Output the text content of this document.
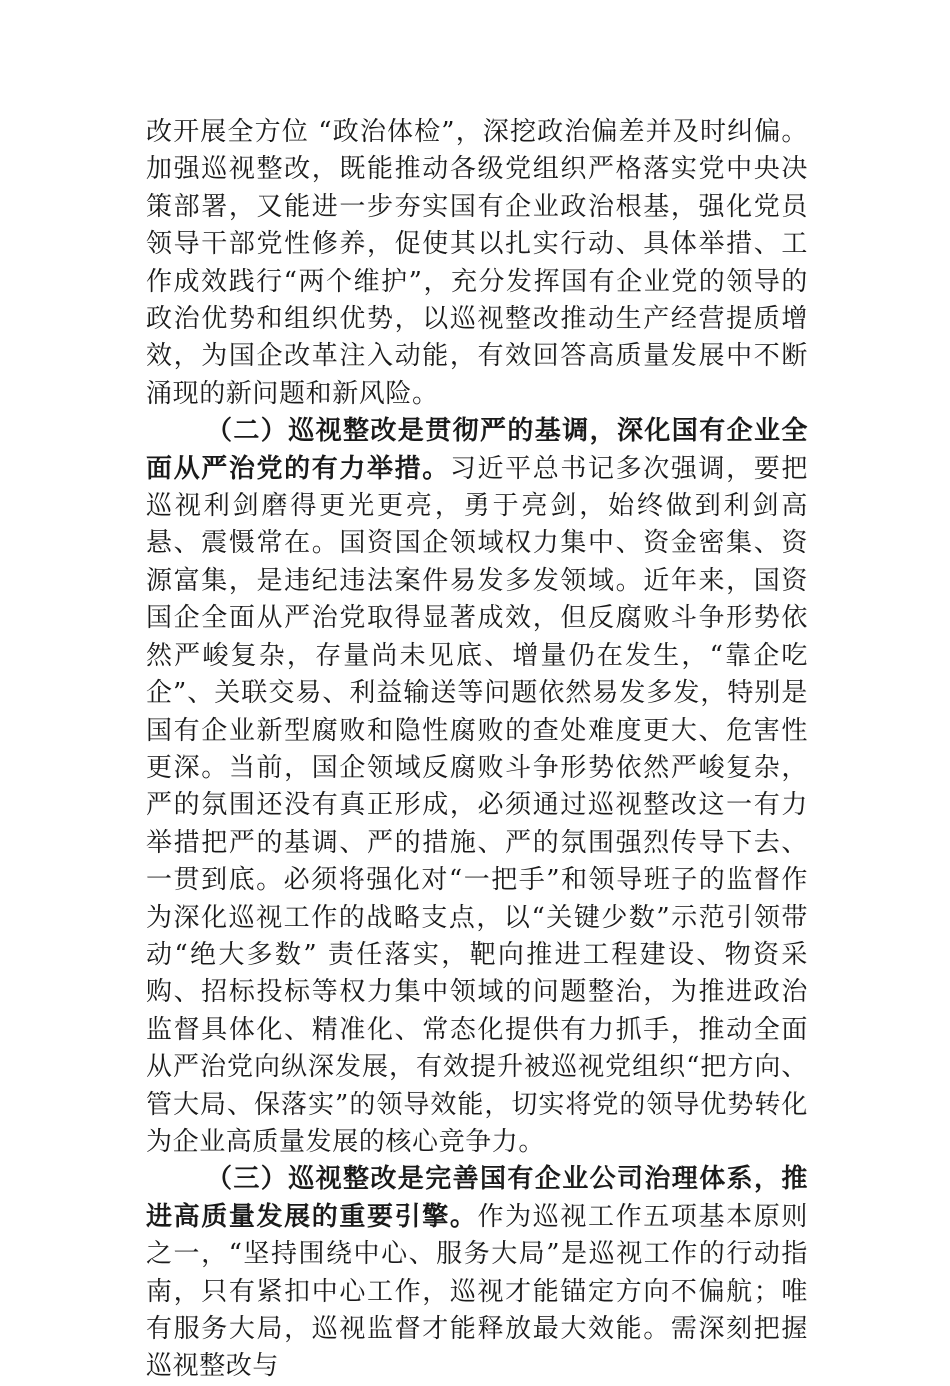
改开展全方位 “政治体检”，深挖政治偏差并及时纠偏。加强巡视整改，既能推动各级党组织严格落实党中央决策部署，又能进一步夯实国有企业政治根基，强化党员领导干部党性修养，促使其以扎实行动、具体举措、工作成效践行“两个维护”，充分发挥国有企业党的领导的政治优势和组织优势，以巡视整改推动生产经营提质增效，为国企改革注入动能，有效回答高质量发展中不断涌现的新问题和新风险。

（二）巡视整改是贯彻严的基调，深化国有企业全面从严治党的有力举措。习近平总书记多次强调，要把巡视利剑磨得更光更亮，勇于亮剑，始终做到利剑高悬、震慑常在。国资国企领域权力集中、资金密集、资源富集，是违纪违法案件易发多发领域。近年来，国资国企全面从严治党取得显著成效，但反腐败斗争形势依然严峻复杂，存量尚未见底、增量仍在发生，“靠企吃企”、关联交易、利益输送等问题依然易发多发，特别是国有企业新型腐败和隐性腐败的查处难度更大、危害性更深。当前，国企领域反腐败斗争形势依然严峻复杂，严的氛围还没有真正形成，必须通过巡视整改这一有力举措把严的基调、严的措施、严的氛围强烈传导下去、一贯到底。必须将强化对“一把手”和领导班子的监督作为深化巡视工作的战略支点，以“关键少数”示范引领带动“绝大多数” 责任落实，靶向推进工程建设、物资采购、招标投标等权力集中领域的问题整治，为推进政治监督具体化、精准化、常态化提供有力抓手，推动全面从严治党向纵深发展，有效提升被巡视党组织“把方向、管大局、保落实”的领导效能，切实将党的领导优势转化为企业高质量发展的核心竞争力。

（三）巡视整改是完善国有企业公司治理体系，推进高质量发展的重要引擎。作为巡视工作五项基本原则之一，“坚持围绕中心、服务大局”是巡视工作的行动指南，只有紧扣中心工作，巡视才能锚定方向不偏航；唯有服务大局，巡视监督才能释放最大效能。需深刻把握巡视整改与
